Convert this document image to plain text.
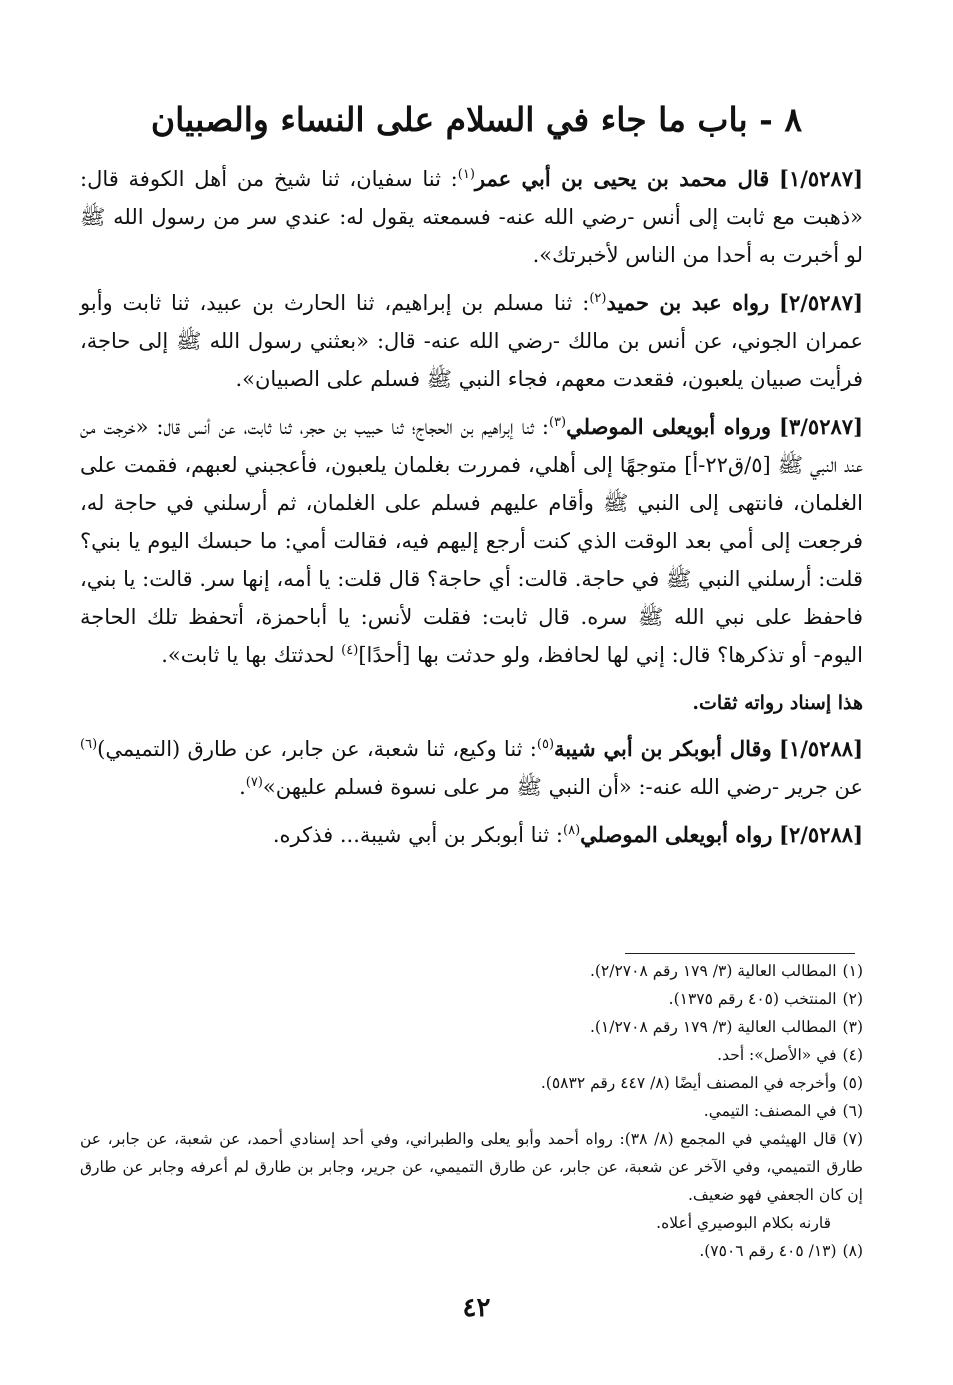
٨ - باب ما جاء في السلام على النساء والصبيان

[١/٥٢٨٧] قال محمد بن يحيى بن أبي عمر$^{(١)}$: ثنا سفيان، ثنا شيخ من أهل الكوفة قال: «ذهبت مع ثابت إلى أنس -رضي الله عنه- فسمعته يقول له: عندي سر من رسول الله ﷺ لو أخبرت به أحدا من الناس لأخبرتك».

[٢/٥٢٨٧] رواه عبد بن حميد$^{(٢)}$: ثنا مسلم بن إبراهيم، ثنا الحارث بن عبيد، ثنا ثابت وأبو عمران الجوني، عن أنس بن مالك -رضي الله عنه- قال: «بعثني رسول الله ﷺ إلى حاجة، فرأيت صبيان يلعبون، فقعدت معهم، فجاء النبي ﷺ فسلم على الصبيان».

[٣/٥٢٨٧] ورواه أبويعلى الموصلي$^{(٣)}$: ثنا إبراهيم بن الحجاج؛ ثنا حبيب بن حجر، ثنا ثابت، عن أنس قال: «خرجت من عند النبي ﷺ [٥/ق٢٢-أ] متوجهًا إلى أهلي، فمررت بغلمان يلعبون، فأعجبني لعبهم، فقمت على الغلمان، فانتهى إلى النبي ﷺ وأقام عليهم فسلم على الغلمان، ثم أرسلني في حاجة له، فرجعت إلى أمي بعد الوقت الذي كنت أرجع إليهم فيه، فقالت أمي: ما حبسك اليوم يا بني؟ قلت: أرسلني النبي ﷺ في حاجة. قالت: أي حاجة؟ قال قلت: يا أمه، إنها سر. قالت: يا بني، فاحفظ على نبي الله ﷺ سره. قال ثابت: فقلت لأنس: يا أباحمزة، أتحفظ تلك الحاجة اليوم- أو تذكرها؟ قال: إني لها لحافظ، ولو حدثت بها [أحدًا]$^{(٤)}$ لحدثتك بها يا ثابت».

هذا إسناد رواته ثقات.

[١/٥٢٨٨] وقال أبوبكر بن أبي شيبة$^{(٥)}$: ثنا وكيع، ثنا شعبة، عن جابر، عن طارق (التميمي)$^{(٦)}$ عن جرير -رضي الله عنه-: «أن النبي ﷺ مر على نسوة فسلم عليهن»$^{(٧)}$.

[٢/٥٢٨٨] رواه أبويعلى الموصلي$^{(٨)}$: ثنا أبوبكر بن أبي شيبة... فذكره.

(١)المطالب العالية (٣/ ١٧٩ رقم ٢/٢٧٠٨).

(٢)المنتخب (٤٠٥ رقم ١٣٧٥).

(٣)المطالب العالية (٣/ ١٧٩ رقم ١/٢٧٠٨).

(٤)في «الأصل»: أحد.

(٥)وأخرجه في المصنف أيضًا (٨/ ٤٤٧ رقم ٥٨٣٢).

(٦)في المصنف: التيمي.

(٧)قال الهيثمي في المجمع (٨/ ٣٨): رواه أحمد وأبو يعلى والطبراني، وفي أحد إسنادي أحمد، عن شعبة، عن جابر، عن طارق التميمي، وفي الآخر عن شعبة، عن جابر، عن طارق التميمي، عن جرير، وجابر بن طارق لم أعرفه وجابر عن طارق إن كان الجعفي فهو ضعيف.

قارنه بكلام البوصيري أعلاه.

(٨)(١٣/ ٤٠٥ رقم ٧٥٠٦).

٤٢
